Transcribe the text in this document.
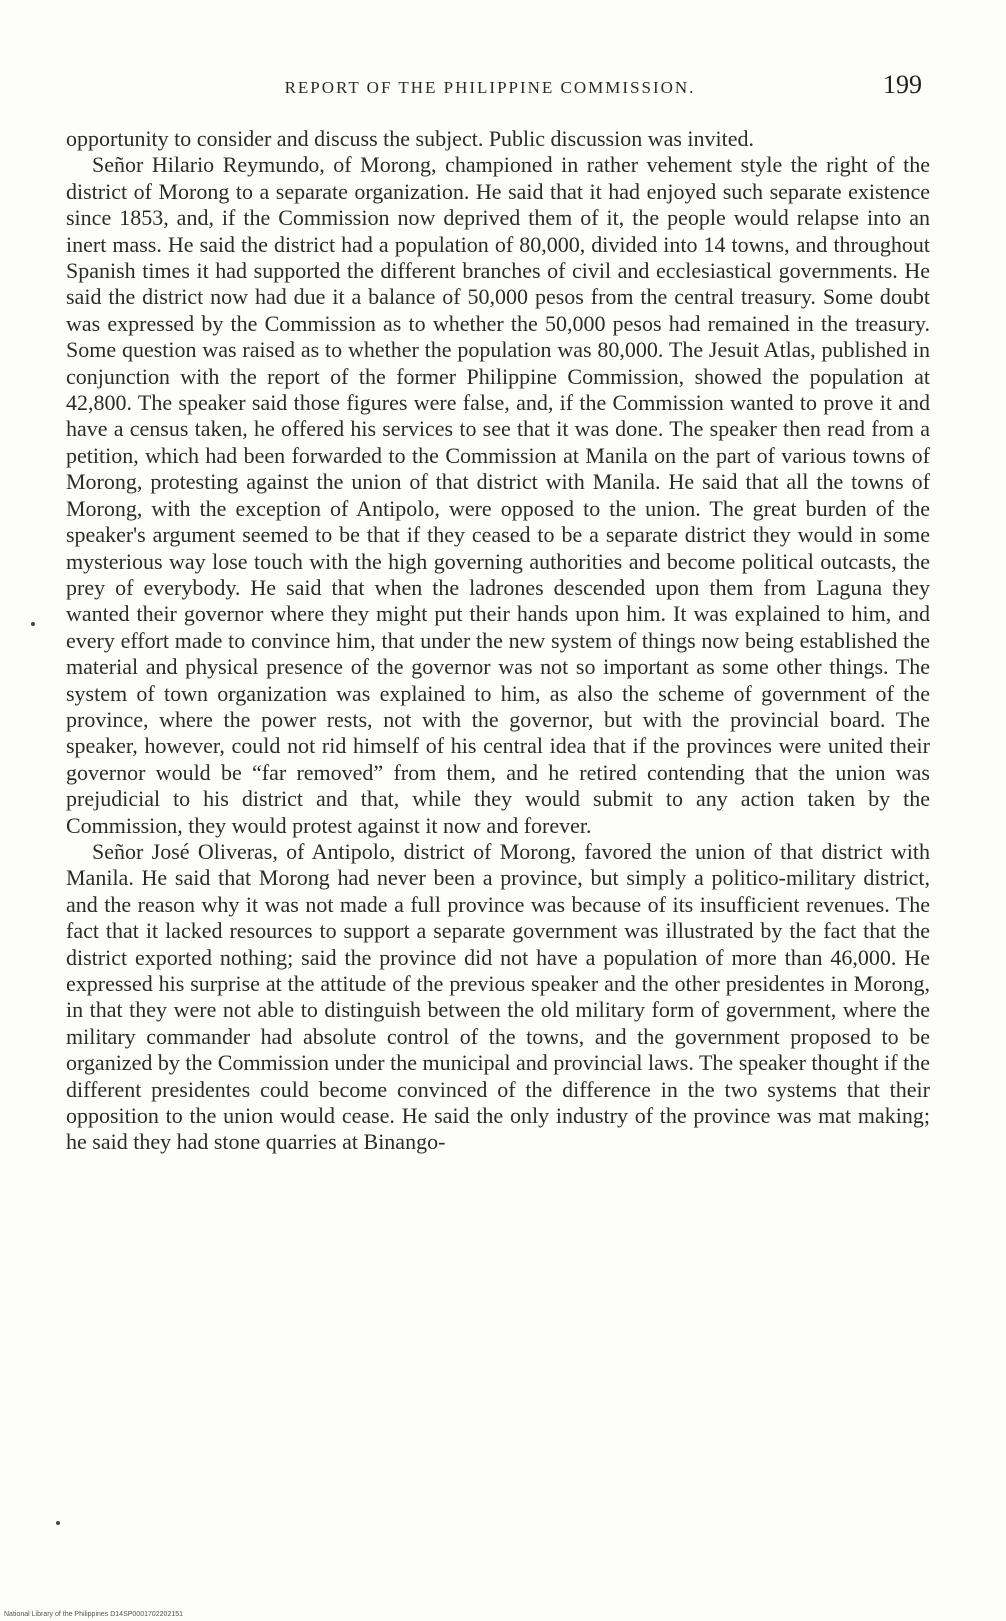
REPORT OF THE PHILIPPINE COMMISSION.	199

opportunity to consider and discuss the subject. Public discussion was invited.

Señor Hilario Reymundo, of Morong, championed in rather vehement style the right of the district of Morong to a separate organization. He said that it had enjoyed such separate existence since 1853, and, if the Commission now deprived them of it, the people would relapse into an inert mass. He said the district had a population of 80,000, divided into 14 towns, and throughout Spanish times it had supported the different branches of civil and ecclesiastical governments. He said the district now had due it a balance of 50,000 pesos from the central treasury. Some doubt was expressed by the Commission as to whether the 50,000 pesos had remained in the treasury. Some question was raised as to whether the population was 80,000. The Jesuit Atlas, published in conjunction with the report of the former Philippine Commission, showed the population at 42,800. The speaker said those figures were false, and, if the Commission wanted to prove it and have a census taken, he offered his services to see that it was done. The speaker then read from a petition, which had been forwarded to the Commission at Manila on the part of various towns of Morong, protesting against the union of that district with Manila. He said that all the towns of Morong, with the exception of Antipolo, were opposed to the union. The great burden of the speaker's argument seemed to be that if they ceased to be a separate district they would in some mysterious way lose touch with the high governing authorities and become political outcasts, the prey of everybody. He said that when the ladrones descended upon them from Laguna they wanted their governor where they might put their hands upon him. It was explained to him, and every effort made to convince him, that under the new system of things now being established the material and physical presence of the governor was not so important as some other things. The system of town organization was explained to him, as also the scheme of government of the province, where the power rests, not with the governor, but with the provincial board. The speaker, however, could not rid himself of his central idea that if the provinces were united their governor would be “far removed” from them, and he retired contending that the union was prejudicial to his district and that, while they would submit to any action taken by the Commission, they would protest against it now and forever.

Señor José Oliveras, of Antipolo, district of Morong, favored the union of that district with Manila. He said that Morong had never been a province, but simply a politico-military district, and the reason why it was not made a full province was because of its insufficient revenues. The fact that it lacked resources to support a separate government was illustrated by the fact that the district exported nothing; said the province did not have a population of more than 46,000. He expressed his surprise at the attitude of the previous speaker and the other presidentes in Morong, in that they were not able to distinguish between the old military form of government, where the military commander had absolute control of the towns, and the government proposed to be organized by the Commission under the municipal and provincial laws. The speaker thought if the different presidentes could become convinced of the difference in the two systems that their opposition to the union would cease. He said the only industry of the province was mat making; he said they had stone quarries at Binango-

National Library of the Philippines D14SP0001702202151
